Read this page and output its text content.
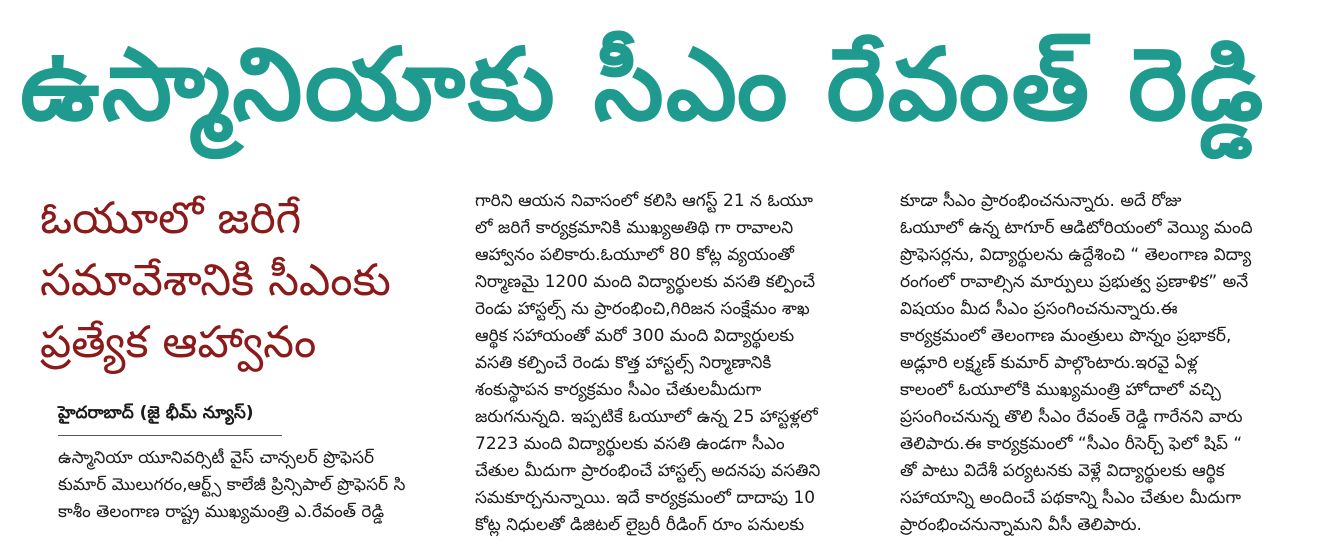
ఉస్మానియాకు సీఎం రేవంత్ రెడ్డి
ఓయూలో జరిగే
సమావేశానికి సీఎంకు
ప్రత్యేక ఆహ్వానం
హైదరాబాద్ (జై భీమ్ న్యూస్)
ఉస్మానియా యూనివర్సిటీ వైస్ చాన్సలర్ ప్రొఫెసర్
కుమార్ మొలుగరం,ఆర్ట్స్ కాలేజీ ప్రిన్సిపాల్ ప్రొఫెసర్ సి
కాశీం తెలంగాణ రాష్ట్ర ముఖ్యమంత్రి ఎ.రేవంత్ రెడ్డి
గారిని ఆయన నివాసంలో కలిసి ఆగస్ట్ 21 న ఓయూ
లో జరిగే కార్యక్రమానికి ముఖ్యఅతిథి గా రావాలని
ఆహ్వానం పలికారు.ఓయూలో 80 కోట్ల వ్యయంతో
నిర్మాణమై 1200 మంది విద్యార్థులకు వసతి కల్పించే
రెండు హాస్టల్స్ ను ప్రారంభించి,గిరిజన సంక్షేమం శాఖ
ఆర్థిక సహాయంతో మరో 300 మంది విద్యార్థులకు
వసతి కల్పించే రెండు కొత్త హాస్టల్స్ నిర్మాణానికి
శంకుస్థాపన కార్యక్రమం సీఎం చేతులమీదుగా
జరుగనున్నది. ఇప్పటికే ఓయూలో ఉన్న 25 హాస్టళ్లలో
7223 మంది విద్యార్థులకు వసతి ఉండగా సీఎం
చేతుల మీదుగా ప్రారంభించే హాస్టల్స్ అదనపు వసతిని
సమకూర్చనున్నాయి. ఇదే కార్యక్రమంలో దాదాపు 10
కోట్ల నిధులతో డిజిటల్ లైబ్రరీ రీడింగ్ రూం పనులకు
కూడా సీఎం ప్రారంభించనున్నారు. అదే రోజు
ఓయూలో ఉన్న టాగూర్ ఆడిటోరియంలో వెయ్యి మంది
ప్రొఫెసర్లను, విద్యార్థులను ఉద్దేశించి “ తెలంగాణ విద్యా
రంగంలో రావాల్సిన మార్పులు ప్రభుత్వ ప్రణాళిక” అనే
విషయం మీద సీఎం ప్రసంగించనున్నారు.ఈ
కార్యక్రమంలో తెలంగాణ మంత్రులు పొన్నం ప్రభాకర్,
అడ్లూరి లక్ష్మణ్ కుమార్ పాల్గొంటారు.ఇరవై ఏళ్ల
కాలంలో ఓయూలోకి ముఖ్యమంత్రి హోదాలో వచ్చి
ప్రసంగించనున్న తొలి సీఎం రేవంత్ రెడ్డి గారేనని వారు
తెలిపారు.ఈ కార్యక్రమంలో “సీఎం రీసెర్చ్ ఫెలో షిప్ “
తో పాటు విదేశీ పర్యటనకు వెళ్లే విద్యార్థులకు ఆర్థిక
సహాయాన్ని అందించే పథకాన్ని సీఎం చేతుల మీదుగా
ప్రారంభించనున్నామని వీసీ తెలిపారు.
